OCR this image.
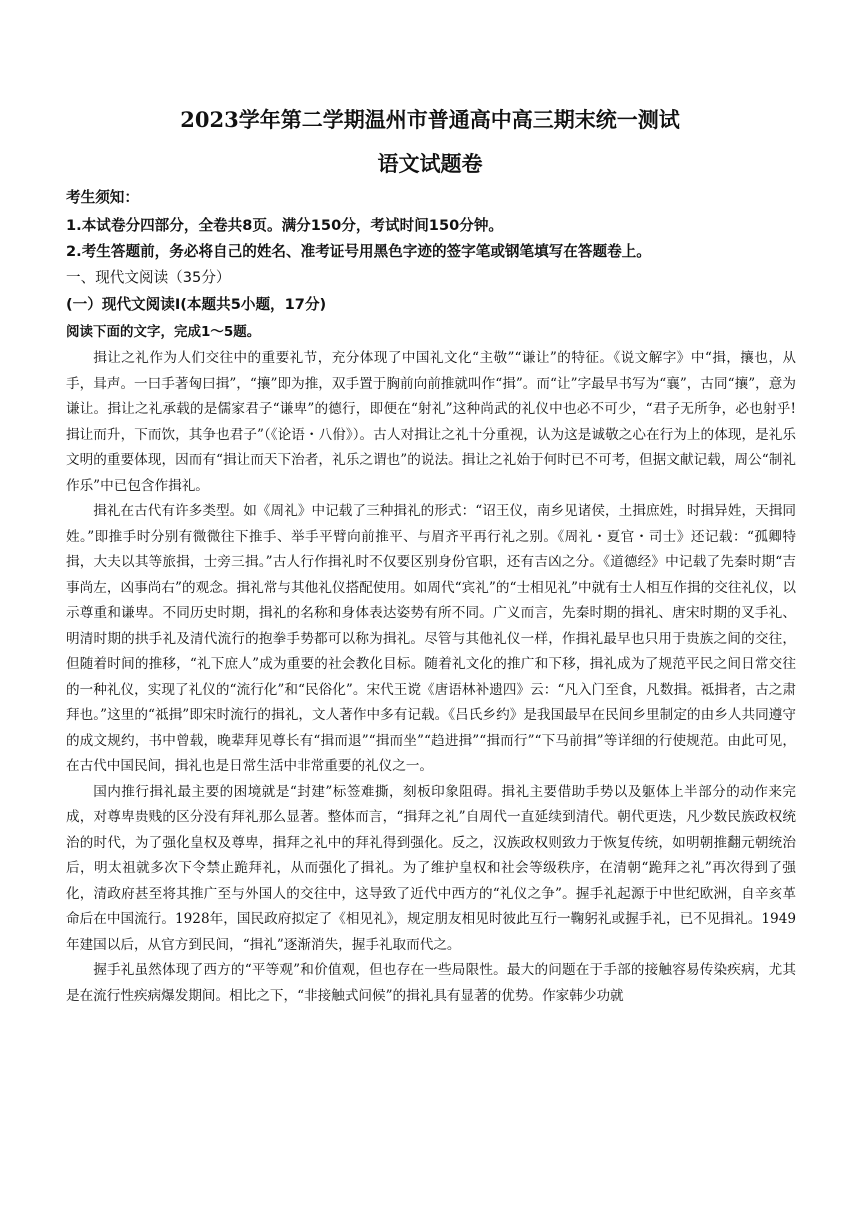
2023学年第二学期温州市普通高中高三期末统一测试
语文试题卷
考生须知：
1.本试卷分四部分，全卷共8页。满分150分，考试时间150分钟。
2.考生答题前，务必将自己的姓名、准考证号用黑色字迹的签字笔或钢笔填写在答题卷上。
一、现代文阅读（35分）
(一）现代文阅读Ⅰ(本题共5小题，17分)
阅读下面的文字，完成1～5题。

揖让之礼作为人们交往中的重要礼节，充分体现了中国礼文化“主敬”“谦让”的特征。《说文解字》中“揖，攘也，从手，咠声。一曰手著匈曰揖”，“攘”即为推，双手置于胸前向前推就叫作“揖”。而“让”字最早书写为“襄”，古同“攘”，意为谦让。揖让之礼承载的是儒家君子“谦卑”的德行，即便在“射礼”这种尚武的礼仪中也必不可少，“君子无所争，必也射乎!揖让而升，下而饮，其争也君子”（《论语・八佾》）。古人对揖让之礼十分重视，认为这是诚敬之心在行为上的体现，是礼乐文明的重要体现，因而有“揖让而天下治者，礼乐之谓也”的说法。揖让之礼始于何时已不可考，但据文献记载，周公“制礼作乐”中已包含作揖礼。

揖礼在古代有许多类型。如《周礼》中记载了三种揖礼的形式：“诏王仪，南乡见诸侯，土揖庶姓，时揖异姓，天揖同姓。”即推手时分别有微微往下推手、举手平臂向前推平、与眉齐平再行礼之别。《周礼・夏官・司士》还记载：“孤卿特揖，大夫以其等旅揖，士旁三揖。”古人行作揖礼时不仅要区别身份官职，还有吉凶之分。《道德经》中记载了先秦时期“吉事尚左，凶事尚右”的观念。揖礼常与其他礼仪搭配使用。如周代“宾礼”的“士相见礼”中就有士人相互作揖的交往礼仪，以示尊重和谦卑。不同历史时期，揖礼的名称和身体表达姿势有所不同。广义而言，先秦时期的揖礼、唐宋时期的叉手礼、明清时期的拱手礼及清代流行的抱拳手势都可以称为揖礼。尽管与其他礼仪一样，作揖礼最早也只用于贵族之间的交往，但随着时间的推移，“礼下庶人”成为重要的社会教化目标。随着礼文化的推广和下移，揖礼成为了规范平民之间日常交往的一种礼仪，实现了礼仪的“流行化”和“民俗化”。宋代王谠《唐语林补遗四》云：“凡入门至食，凡数揖。祗揖者，古之肃拜也。”这里的“祗揖”即宋时流行的揖礼，文人著作中多有记载。《吕氏乡约》是我国最早在民间乡里制定的由乡人共同遵守的成文规约，书中曾载，晚辈拜见尊长有“揖而退”“揖而坐”“趋进揖”“揖而行”“下马前揖”等详细的行使规范。由此可见，在古代中国民间，揖礼也是日常生活中非常重要的礼仪之一。

国内推行揖礼最主要的困境就是“封建”标签难撕，刻板印象阻碍。揖礼主要借助手势以及躯体上半部分的动作来完成，对尊卑贵贱的区分没有拜礼那么显著。整体而言，“揖拜之礼”自周代一直延续到清代。朝代更迭，凡少数民族政权统治的时代，为了强化皇权及尊卑，揖拜之礼中的拜礼得到强化。反之，汉族政权则致力于恢复传统，如明朝推翻元朝统治后，明太祖就多次下令禁止跪拜礼，从而强化了揖礼。为了维护皇权和社会等级秩序，在清朝“跪拜之礼”再次得到了强化，清政府甚至将其推广至与外国人的交往中，这导致了近代中西方的“礼仪之争”。握手礼起源于中世纪欧洲，自辛亥革命后在中国流行。1928年，国民政府拟定了《相见礼》，规定朋友相见时彼此互行一鞠躬礼或握手礼，已不见揖礼。1949年建国以后，从官方到民间，“揖礼”逐渐消失，握手礼取而代之。

握手礼虽然体现了西方的“平等观”和价值观，但也存在一些局限性。最大的问题在于手部的接触容易传染疾病，尤其是在流行性疾病爆发期间。相比之下，“非接触式问候”的揖礼具有显著的优势。作家韩少功就
